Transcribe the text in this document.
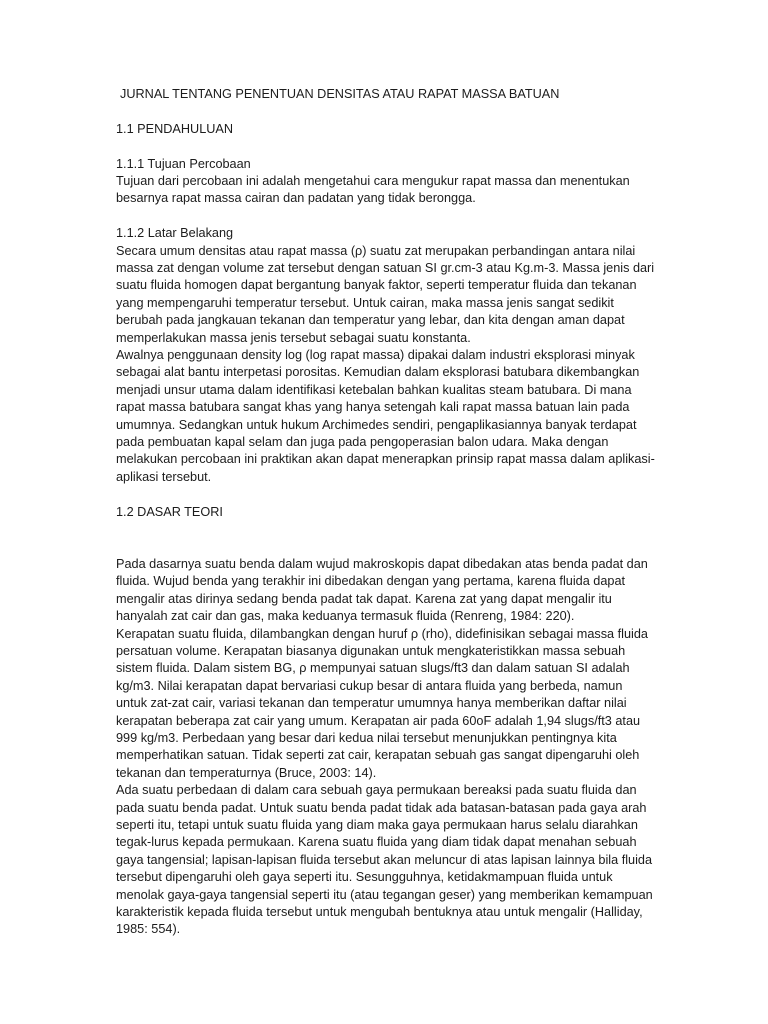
JURNAL TENTANG PENENTUAN DENSITAS ATAU RAPAT MASSA BATUAN
1.1 PENDAHULUAN
1.1.1 Tujuan Percobaan

Tujuan dari percobaan ini adalah mengetahui cara mengukur rapat massa dan menentukan besarnya rapat massa cairan dan padatan yang tidak berongga.

1.1.2 Latar Belakang

Secara umum densitas atau rapat massa (ρ) suatu zat merupakan perbandingan antara nilai massa zat dengan volume zat tersebut dengan satuan SI gr.cm-3 atau Kg.m-3. Massa jenis dari suatu fluida homogen dapat bergantung banyak faktor, seperti temperatur fluida dan tekanan yang mempengaruhi temperatur tersebut. Untuk cairan, maka massa jenis sangat sedikit berubah pada jangkauan tekanan dan temperatur yang lebar, dan kita dengan aman dapat memperlakukan massa jenis tersebut sebagai suatu konstanta.

Awalnya penggunaan density log (log rapat massa) dipakai dalam industri eksplorasi minyak sebagai alat bantu interpetasi porositas. Kemudian dalam eksplorasi batubara dikembangkan menjadi unsur utama dalam identifikasi ketebalan bahkan kualitas steam batubara. Di mana rapat massa batubara sangat khas yang hanya setengah kali rapat massa batuan lain pada umumnya. Sedangkan untuk hukum Archimedes sendiri, pengaplikasiannya banyak terdapat pada pembuatan kapal selam dan juga pada pengoperasian balon udara. Maka dengan melakukan percobaan ini praktikan akan dapat menerapkan prinsip rapat massa dalam aplikasi-aplikasi tersebut.

1.2 DASAR TEORI

Pada dasarnya suatu benda dalam wujud makroskopis dapat dibedakan atas benda padat dan fluida. Wujud benda yang terakhir ini dibedakan dengan yang pertama, karena fluida dapat mengalir atas dirinya sedang benda padat tak dapat. Karena zat yang dapat mengalir itu hanyalah zat cair dan gas, maka keduanya termasuk fluida (Renreng, 1984: 220).

Kerapatan suatu fluida, dilambangkan dengan huruf ρ (rho), didefinisikan sebagai massa fluida persatuan volume. Kerapatan biasanya digunakan untuk mengkateristikkan massa sebuah sistem fluida. Dalam sistem BG, ρ mempunyai satuan slugs/ft3 dan dalam satuan SI adalah kg/m3. Nilai kerapatan dapat bervariasi cukup besar di antara fluida yang berbeda, namun untuk zat-zat cair, variasi tekanan dan temperatur umumnya hanya memberikan daftar nilai kerapatan beberapa zat cair yang umum. Kerapatan air pada 60oF adalah 1,94 slugs/ft3 atau 999 kg/m3. Perbedaan yang besar dari kedua nilai tersebut menunjukkan pentingnya kita memperhatikan satuan. Tidak seperti zat cair, kerapatan sebuah gas sangat dipengaruhi oleh tekanan dan temperaturnya (Bruce, 2003: 14).

Ada suatu perbedaan di dalam cara sebuah gaya permukaan bereaksi pada suatu fluida dan pada suatu benda padat. Untuk suatu benda padat tidak ada batasan-batasan pada gaya arah seperti itu, tetapi untuk suatu fluida yang diam maka gaya permukaan harus selalu diarahkan tegak-lurus kepada permukaan. Karena suatu fluida yang diam tidak dapat menahan sebuah gaya tangensial; lapisan-lapisan fluida tersebut akan meluncur di atas lapisan lainnya bila fluida tersebut dipengaruhi oleh gaya seperti itu. Sesungguhnya, ketidakmampuan fluida untuk menolak gaya-gaya tangensial seperti itu (atau tegangan geser) yang memberikan kemampuan karakteristik kepada fluida tersebut untuk mengubah bentuknya atau untuk mengalir (Halliday, 1985: 554).
